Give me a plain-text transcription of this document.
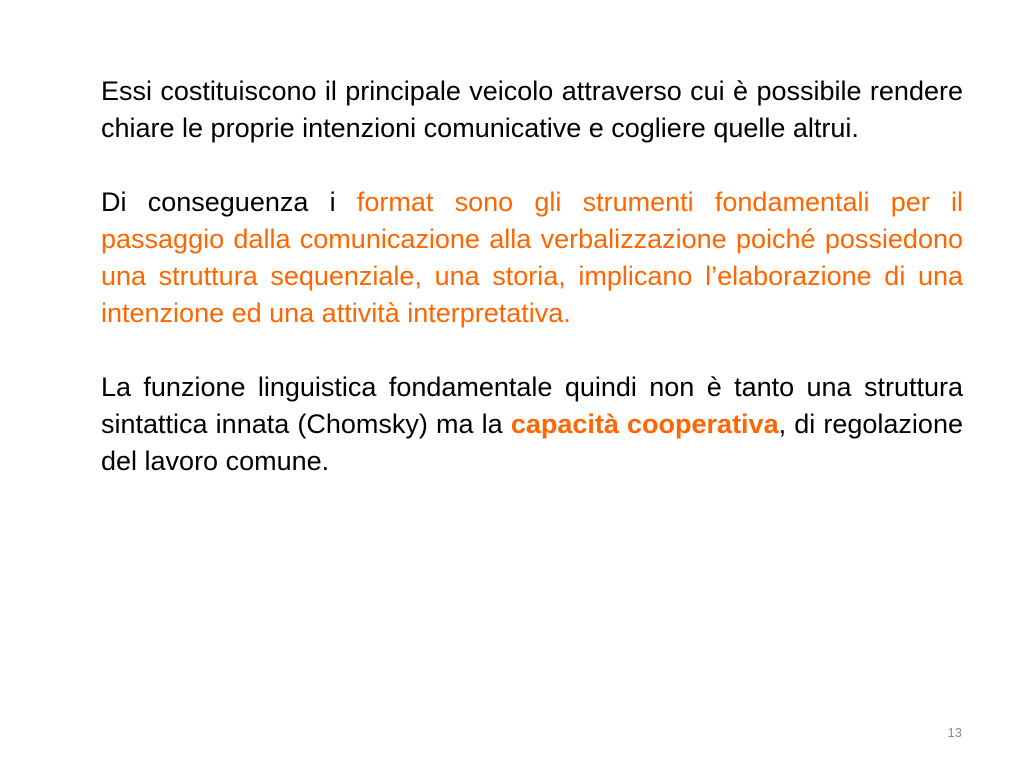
Essi costituiscono il principale veicolo attraverso cui è possibile rendere chiare le proprie intenzioni comunicative e cogliere quelle altrui.

Di conseguenza i format sono gli strumenti fondamentali per il passaggio dalla comunicazione alla verbalizzazione poiché possiedono una struttura sequenziale, una storia, implicano l’elaborazione di una intenzione ed una attività interpretativa.

La funzione linguistica fondamentale quindi non è tanto una struttura sintattica innata (Chomsky) ma la capacità cooperativa, di regolazione del lavoro comune.

13
